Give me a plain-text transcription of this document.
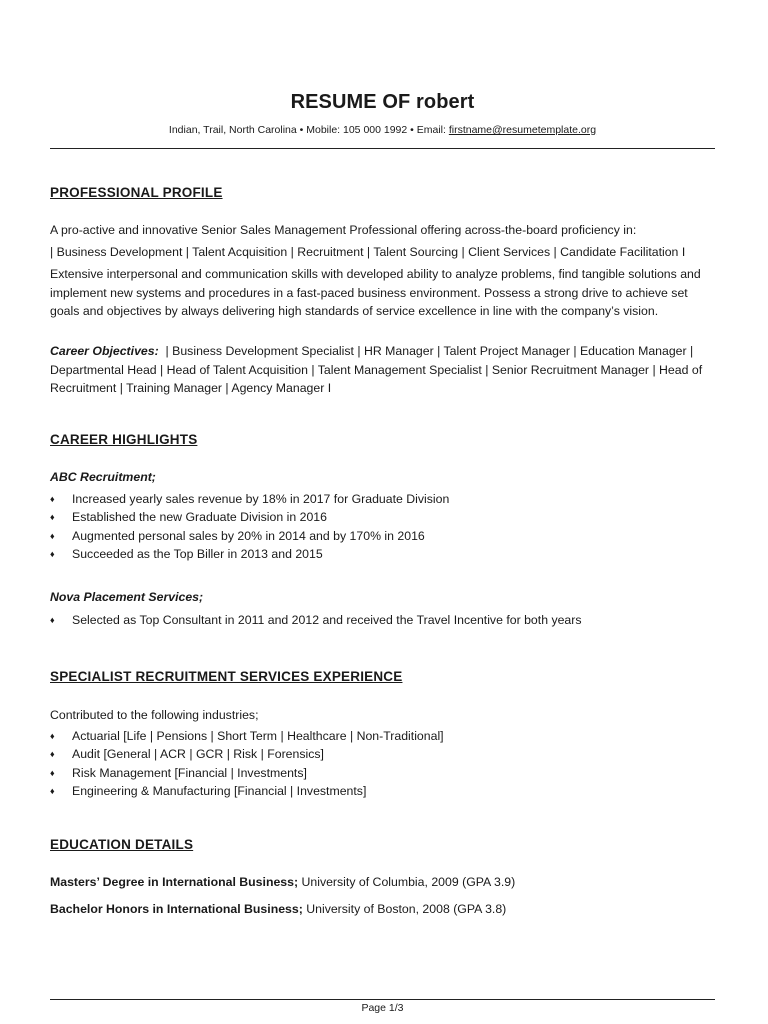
RESUME OF robert
Indian, Trail, North Carolina • Mobile: 105 000 1992 • Email: firstname@resumetemplate.org
PROFESSIONAL PROFILE
A pro-active and innovative Senior Sales Management Professional offering across-the-board proficiency in:
| Business Development | Talent Acquisition | Recruitment | Talent Sourcing | Client Services | Candidate Facilitation I
Extensive interpersonal and communication skills with developed ability to analyze problems, find tangible solutions and implement new systems and procedures in a fast-paced business environment. Possess a strong drive to achieve set goals and objectives by always delivering high standards of service excellence in line with the company’s vision.
Career Objectives: | Business Development Specialist | HR Manager | Talent Project Manager | Education Manager | Departmental Head | Head of Talent Acquisition | Talent Management Specialist | Senior Recruitment Manager | Head of Recruitment | Training Manager | Agency Manager I
CAREER HIGHLIGHTS
ABC Recruitment;
♦ Increased yearly sales revenue by 18% in 2017 for Graduate Division
♦ Established the new Graduate Division in 2016
♦ Augmented personal sales by 20% in 2014 and by 170% in 2016
♦ Succeeded as the Top Biller in 2013 and 2015
Nova Placement Services;
♦ Selected as Top Consultant in 2011 and 2012 and received the Travel Incentive for both years
SPECIALIST RECRUITMENT SERVICES EXPERIENCE
Contributed to the following industries;
♦ Actuarial [Life | Pensions | Short Term | Healthcare | Non-Traditional]
♦ Audit [General | ACR | GCR | Risk | Forensics]
♦ Risk Management [Financial | Investments]
♦ Engineering & Manufacturing [Financial | Investments]
EDUCATION DETAILS
Masters’ Degree in International Business; University of Columbia, 2009 (GPA 3.9)
Bachelor Honors in International Business; University of Boston, 2008 (GPA 3.8)
Page 1/3
